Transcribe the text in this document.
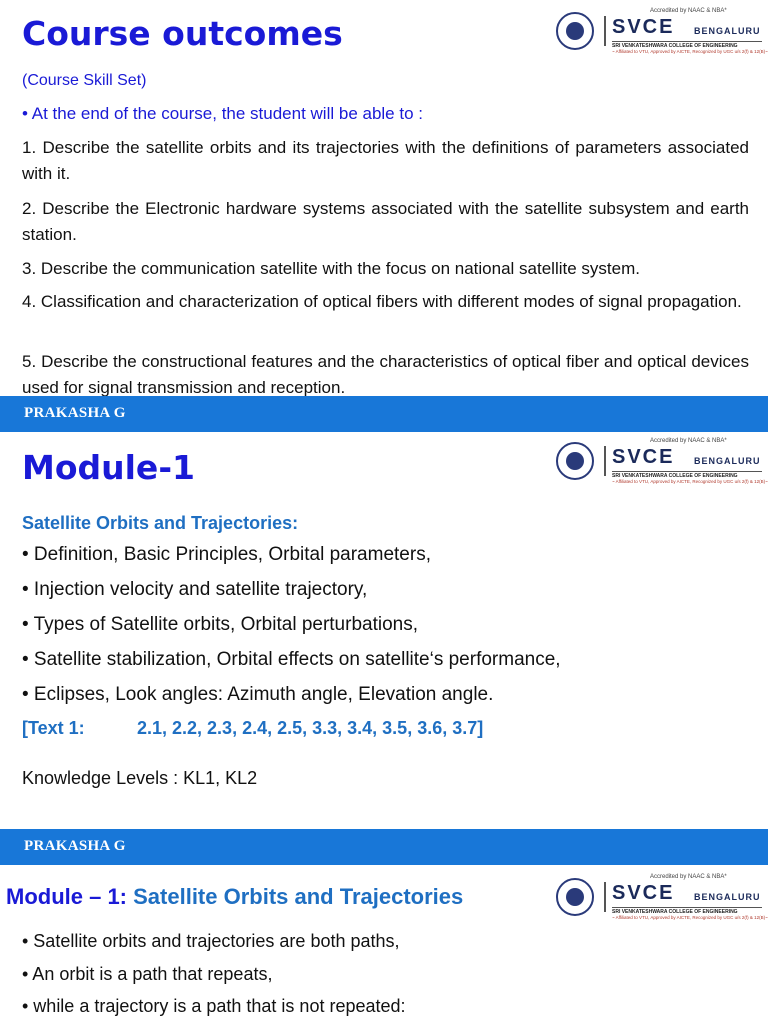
Course outcomes
Accredited by NAAC & NBA*
SVCE BENGALURU
SRI VENKATESHWARA COLLEGE OF ENGINEERING
~ Affiliated to VTU, Approved by AICTE, Recognized by UGC u/s 2(f) & 12(B)~

(Course Skill Set)

• At the end of the course, the student will be able to :

1. Describe the satellite orbits and its trajectories with the definitions of parameters associated with it.

2. Describe the Electronic hardware systems associated with the satellite subsystem and earth station.

3. Describe the communication satellite with the focus on national satellite system.

4. Classification and characterization of optical fibers with different modes of signal propagation.

5. Describe the constructional features and the characteristics of optical fiber and optical devices used for signal transmission and reception.

PRAKASHA G
Module-1
Accredited by NAAC & NBA*
SVCE BENGALURU
SRI VENKATESHWARA COLLEGE OF ENGINEERING
~ Affiliated to VTU, Approved by AICTE, Recognized by UGC u/s 2(f) & 12(B)~

Satellite Orbits and Trajectories:

• Definition, Basic Principles, Orbital parameters,

• Injection velocity and satellite trajectory,

• Types of Satellite orbits, Orbital perturbations,

• Satellite stabilization, Orbital effects on satellite‘s performance,

• Eclipses, Look angles: Azimuth angle, Elevation angle.

[Text 1:	2.1, 2.2, 2.3, 2.4, 2.5, 3.3, 3.4, 3.5, 3.6, 3.7]

Knowledge Levels : KL1, KL2

PRAKASHA G
Module – 1: Satellite Orbits and Trajectories
Accredited by NAAC & NBA*
SVCE BENGALURU
SRI VENKATESHWARA COLLEGE OF ENGINEERING
~ Affiliated to VTU, Approved by AICTE, Recognized by UGC u/s 2(f) & 12(B)~

• Satellite orbits and trajectories are both paths,

• An orbit is a path that repeats,

• while a trajectory is a path that is not repeated:
